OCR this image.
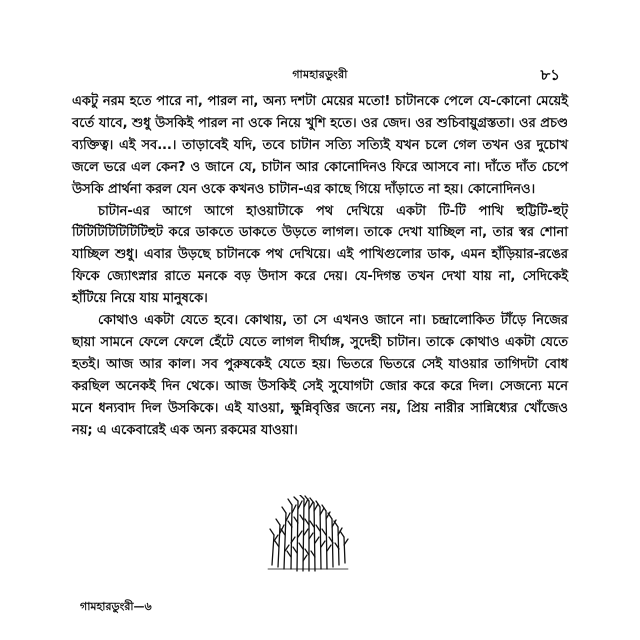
গামহারডুংরী	৮১

একটু নরম হতে পারে না, পারল না, অন্য দশটা মেয়ের মতো! চাটানকে পেলে যে-কোনো মেয়েই বর্তে যাবে, শুধু উসকিই পারল না ওকে নিয়ে খুশি হতে। ওর জেদ। ওর শুচিবায়ুগ্রস্ততা। ওর প্রচণ্ড ব্যক্তিত্ব। এই সব...। তাড়াবেই যদি, তবে চাটান সত্যি সত্যিই যখন চলে গেল তখন ওর দুচোখ জলে ভরে এল কেন? ও জানে যে, চাটান আর কোনোদিনও ফিরে আসবে না। দাঁতে দাঁত চেপে উসকি প্রার্থনা করল যেন ওকে কখনও চাটান-এর কাছে গিয়ে দাঁড়াতে না হয়। কোনোদিনও।

চাটান-এর আগে আগে হাওয়াটাকে পথ দেখিয়ে একটা টি-টি পাখি হুট্টিটি-হুট্ টিটিটিটিটিটিটিহুট করে ডাকতে ডাকতে উড়তে লাগল। তাকে দেখা যাচ্ছিল না, তার স্বর শোনা যাচ্ছিল শুধু। এবার উড়ছে চাটানকে পথ দেখিয়ে। এই পাখিগুলোর ডাক, এমন হাঁড়িয়ার-রঙের ফিকে জ্যোৎস্নার রাতে মনকে বড় উদাস করে দেয়। যে-দিগন্ত তখন দেখা যায় না, সেদিকেই হাঁটিয়ে নিয়ে যায় মানুষকে।

কোথাও একটা যেতে হবে। কোথায়, তা সে এখনও জানে না। চন্দ্রালোকিত টাঁড়ে নিজের ছায়া সামনে ফেলে ফেলে হেঁটে যেতে লাগল দীর্ঘাঙ্গ, সুদেহী চাটান। তাকে কোথাও একটা যেতে হতই। আজ আর কাল। সব পুরুষকেই যেতে হয়। ভিতরে ভিতরে সেই যাওয়ার তাগিদটা বোধ করছিল অনেকই দিন থেকে। আজ উসকিই সেই সুযোগটা জোর করে করে দিল। সেজন্যে মনে মনে ধন্যবাদ দিল উসকিকে। এই যাওয়া, ক্ষুন্নিবৃত্তির জন্যে নয়, প্রিয় নারীর সান্নিধ্যের খোঁজেও নয়; এ একেবারেই এক অন্য রকমের যাওয়া।

গামহারডুংরী—৬
